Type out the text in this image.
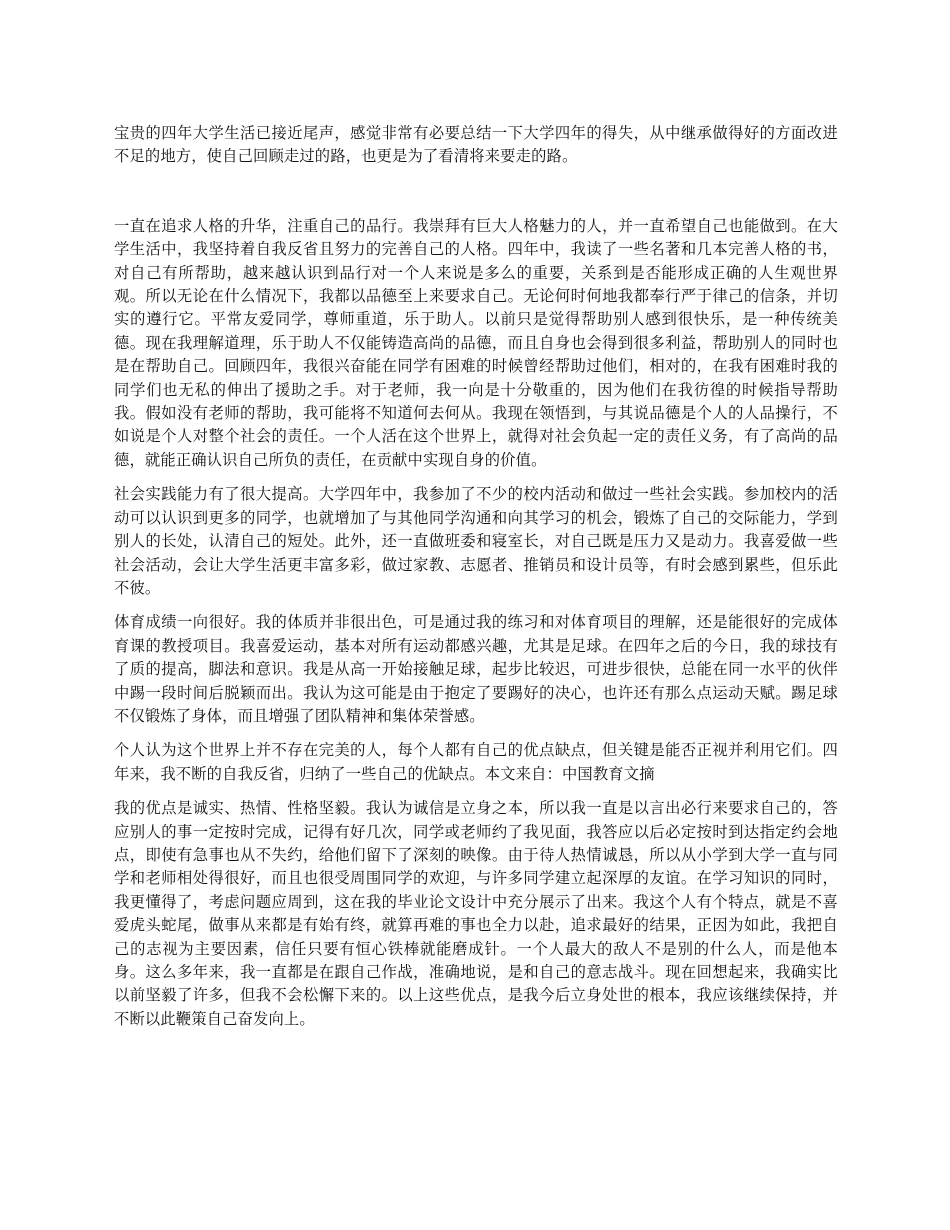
宝贵的四年大学生活已接近尾声，感觉非常有必要总结一下大学四年的得失，从中继承做得好的方面改进不足的地方，使自己回顾走过的路，也更是为了看清将来要走的路。

一直在追求人格的升华，注重自己的品行。我崇拜有巨大人格魅力的人，并一直希望自己也能做到。在大学生活中，我坚持着自我反省且努力的完善自己的人格。四年中，我读了一些名著和几本完善人格的书，对自己有所帮助，越来越认识到品行对一个人来说是多么的重要，关系到是否能形成正确的人生观世界观。所以无论在什么情况下，我都以品德至上来要求自己。无论何时何地我都奉行严于律己的信条，并切实的遵行它。平常友爱同学，尊师重道，乐于助人。以前只是觉得帮助别人感到很快乐，是一种传统美德。现在我理解道理，乐于助人不仅能铸造高尚的品德，而且自身也会得到很多利益，帮助别人的同时也是在帮助自己。回顾四年，我很兴奋能在同学有困难的时候曾经帮助过他们，相对的，在我有困难时我的同学们也无私的伸出了援助之手。对于老师，我一向是十分敬重的，因为他们在我彷徨的时候指导帮助我。假如没有老师的帮助，我可能将不知道何去何从。我现在领悟到，与其说品德是个人的人品操行，不如说是个人对整个社会的责任。一个人活在这个世界上，就得对社会负起一定的责任义务，有了高尚的品德，就能正确认识自己所负的责任，在贡献中实现自身的价值。

社会实践能力有了很大提高。大学四年中，我参加了不少的校内活动和做过一些社会实践。参加校内的活动可以认识到更多的同学，也就增加了与其他同学沟通和向其学习的机会，锻炼了自己的交际能力，学到别人的长处，认清自己的短处。此外，还一直做班委和寝室长，对自己既是压力又是动力。我喜爱做一些社会活动，会让大学生活更丰富多彩，做过家教、志愿者、推销员和设计员等，有时会感到累些，但乐此不彼。

体育成绩一向很好。我的体质并非很出色，可是通过我的练习和对体育项目的理解，还是能很好的完成体育课的教授项目。我喜爱运动，基本对所有运动都感兴趣，尤其是足球。在四年之后的今日，我的球技有了质的提高，脚法和意识。我是从高一开始接触足球，起步比较迟，可进步很快，总能在同一水平的伙伴中踢一段时间后脱颖而出。我认为这可能是由于抱定了要踢好的决心，也许还有那么点运动天赋。踢足球不仅锻炼了身体，而且增强了团队精神和集体荣誉感。

个人认为这个世界上并不存在完美的人，每个人都有自己的优点缺点，但关键是能否正视并利用它们。四年来，我不断的自我反省，归纳了一些自己的优缺点。本文来自：中国教育文摘

我的优点是诚实、热情、性格坚毅。我认为诚信是立身之本，所以我一直是以言出必行来要求自己的，答应别人的事一定按时完成，记得有好几次，同学或老师约了我见面，我答应以后必定按时到达指定约会地点，即使有急事也从不失约，给他们留下了深刻的映像。由于待人热情诚恳，所以从小学到大学一直与同学和老师相处得很好，而且也很受周围同学的欢迎，与许多同学建立起深厚的友谊。在学习知识的同时，我更懂得了，考虑问题应周到，这在我的毕业论文设计中充分展示了出来。我这个人有个特点，就是不喜爱虎头蛇尾，做事从来都是有始有终，就算再难的事也全力以赴，追求最好的结果，正因为如此，我把自己的志视为主要因素，信任只要有恒心铁棒就能磨成针。一个人最大的敌人不是别的什么人，而是他本身。这么多年来，我一直都是在跟自己作战，准确地说，是和自己的意志战斗。现在回想起来，我确实比以前坚毅了许多，但我不会松懈下来的。以上这些优点，是我今后立身处世的根本，我应该继续保持，并不断以此鞭策自己奋发向上。
